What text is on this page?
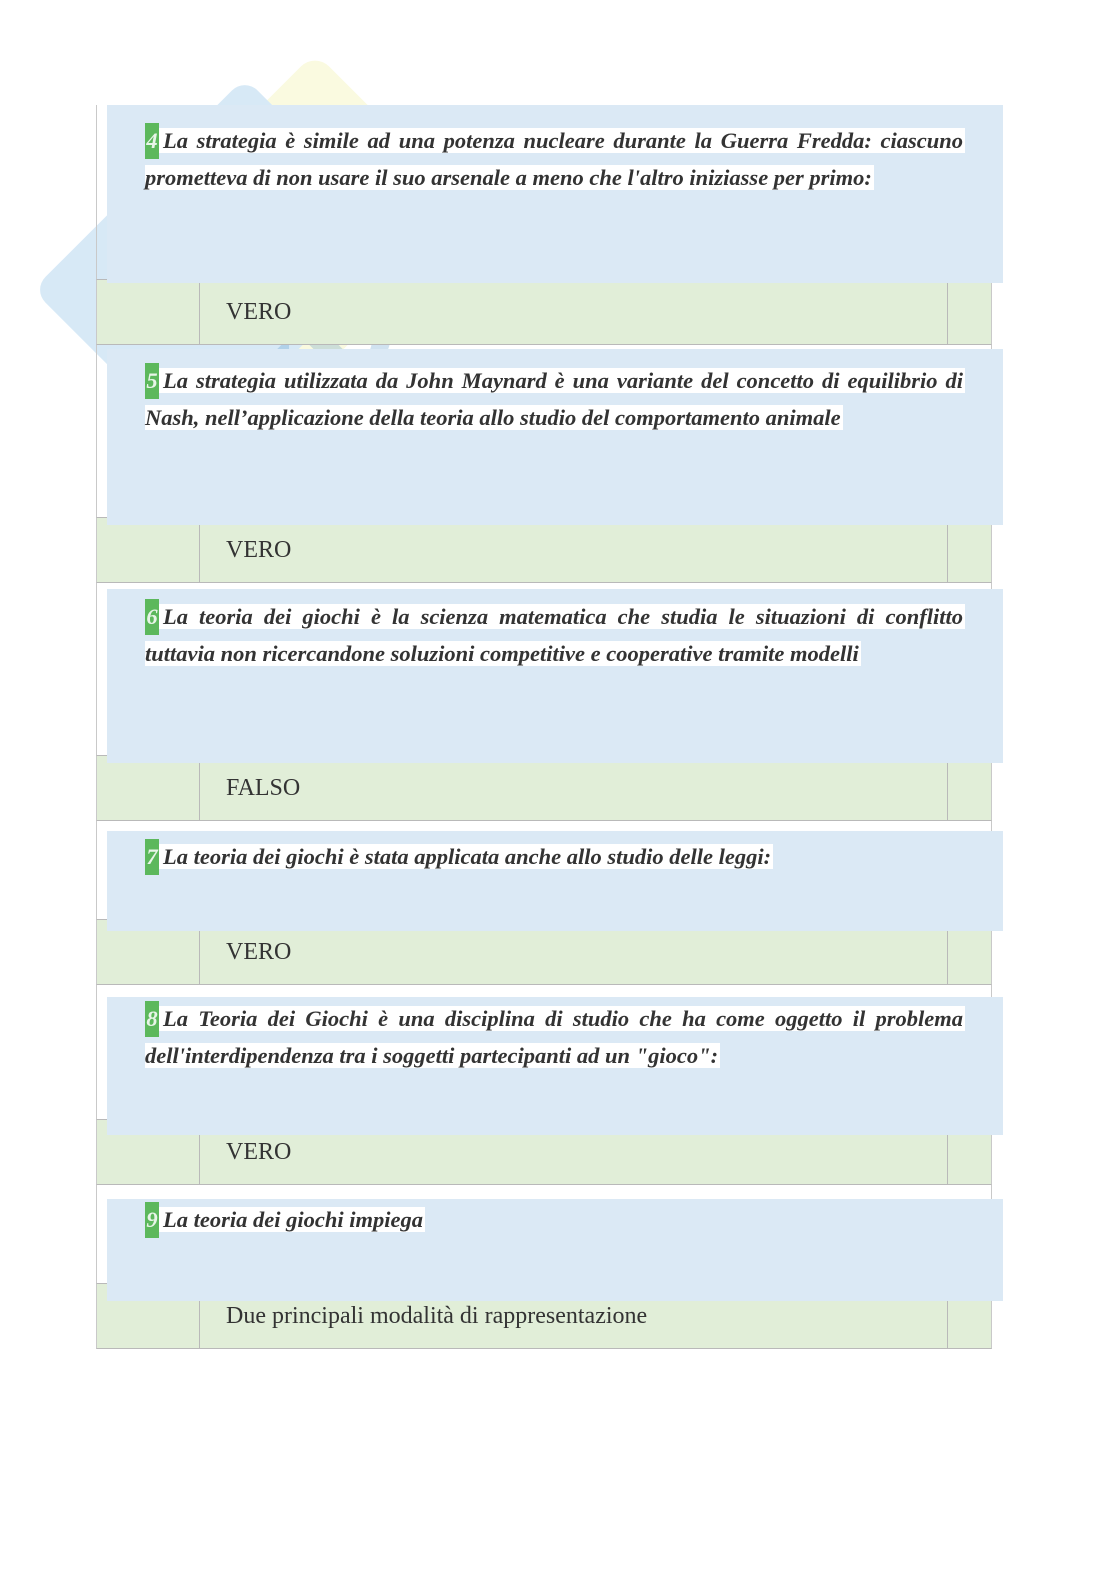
4 La strategia è simile ad una potenza nucleare durante la Guerra Fredda: ciascuno prometteva di non usare il suo arsenale a meno che l'altro iniziasse per primo:
VERO
5 La strategia utilizzata da John Maynard è una variante del concetto di equilibrio di Nash, nell’applicazione della teoria allo studio del comportamento animale
VERO
6 La teoria dei giochi è la scienza matematica che studia le situazioni di conflitto tuttavia non ricercandone soluzioni competitive e cooperative tramite modelli
FALSO
7 La teoria dei giochi è stata applicata anche allo studio delle leggi:
VERO
8 La Teoria dei Giochi è una disciplina di studio che ha come oggetto il problema dell'interdipendenza tra i soggetti partecipanti ad un "gioco":
VERO
9 La teoria dei giochi impiega
Due principali modalità di rappresentazione
